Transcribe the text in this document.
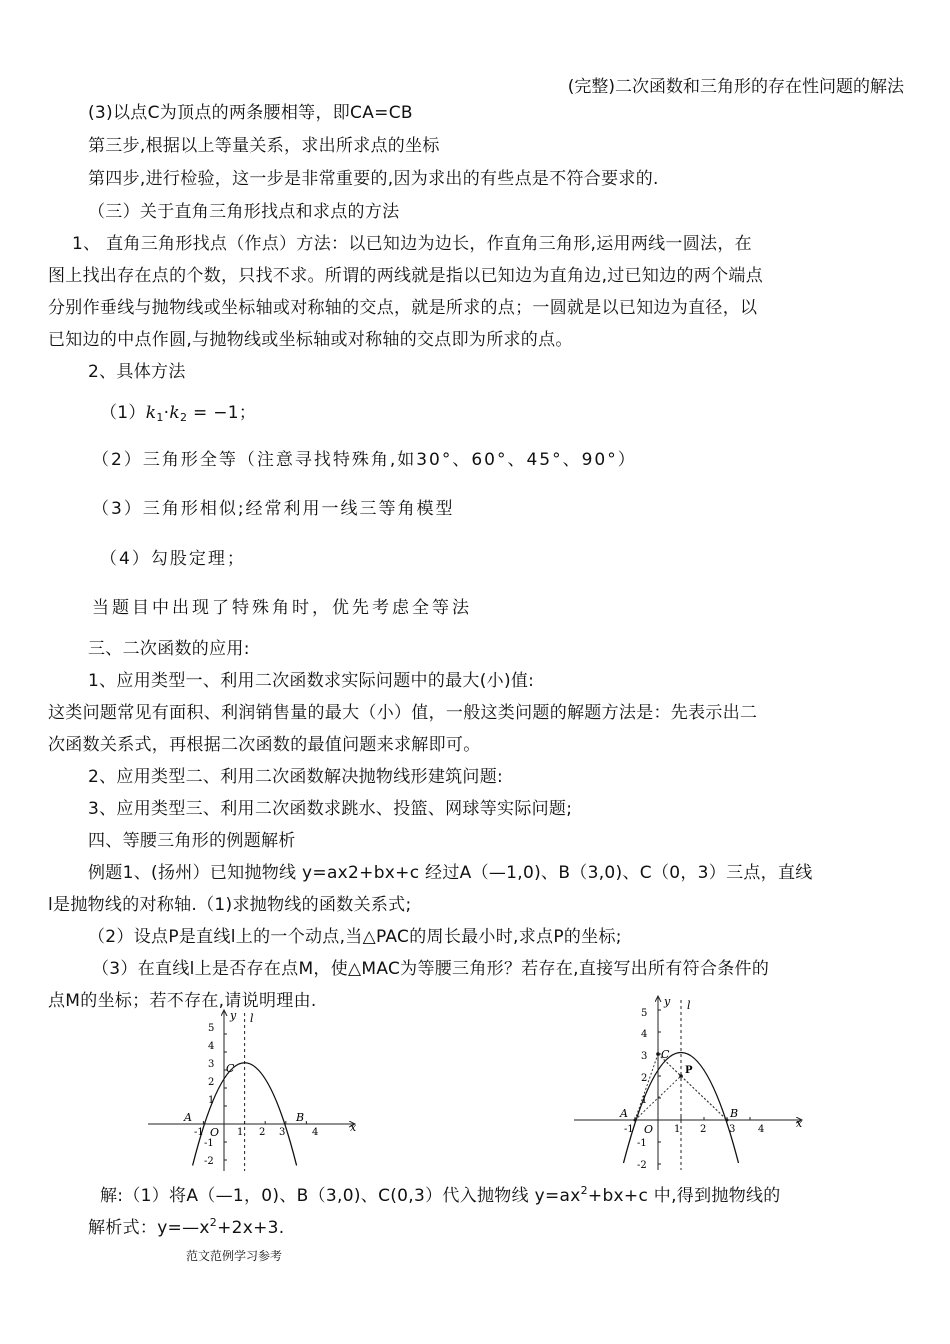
(完整)二次函数和三角形的存在性问题的解法
(3)以点C为顶点的两条腰相等，即CA=CB
第三步,根据以上等量关系，求出所求点的坐标
第四步,进行检验，这一步是非常重要的,因为求出的有些点是不符合要求的.
（三）关于直角三角形找点和求点的方法
1、 直角三角形找点（作点）方法：以已知边为边长，作直角三角形,运用两线一圆法，在
图上找出存在点的个数，只找不求。所谓的两线就是指以已知边为直角边,过已知边的两个端点
分别作垂线与抛物线或坐标轴或对称轴的交点，就是所求的点；一圆就是以已知边为直径，以
已知边的中点作圆,与抛物线或坐标轴或对称轴的交点即为所求的点。
2、具体方法
$(1)k_1\cdot k_2 = -1$；
（2）三角形全等（注意寻找特殊角,如30°、60°、45°、90°）
（3）三角形相似;经常利用一线三等角模型
（4）勾股定理；
当题目中出现了特殊角时，优先考虑全等法
三、二次函数的应用:
1、应用类型一、利用二次函数求实际问题中的最大(小)值:
这类问题常见有面积、利润销售量的最大（小）值，一般这类问题的解题方法是：先表示出二
次函数关系式，再根据二次函数的最值问题来求解即可。
2、应用类型二、利用二次函数解决抛物线形建筑问题:
3、应用类型三、利用二次函数求跳水、投篮、网球等实际问题;
四、等腰三角形的例题解析
例题1、(扬州）已知抛物线 y=ax2+bx+c 经过A（—1,0)、B（3,0)、C（0，3）三点，直线
l是抛物线的对称轴.（1)求抛物线的函数关系式;
（2）设点P是直线l上的一个动点,当△PAC的周长最小时,求点P的坐标;
（3）在直线l上是否存在点M，使△MAC为等腰三角形？若存在,直接写出所有符合条件的
点M的坐标；若不存在,请说明理由.
5
4
3
2
1
-1
-2
-1	1 2 3	4
O
y
x
l
C
A	B
5
4
3
2
1
-1
-2
-1	1 2 3 4
O
y
x
l
C
P
A	B
解:（1）将A（—1，0)、B（3,0)、C(0,3）代入抛物线 $y=ax^2+bx+c$ 中,得到抛物线的
解析式：$y=—x^2+2x+3$.
范文范例学习参考
